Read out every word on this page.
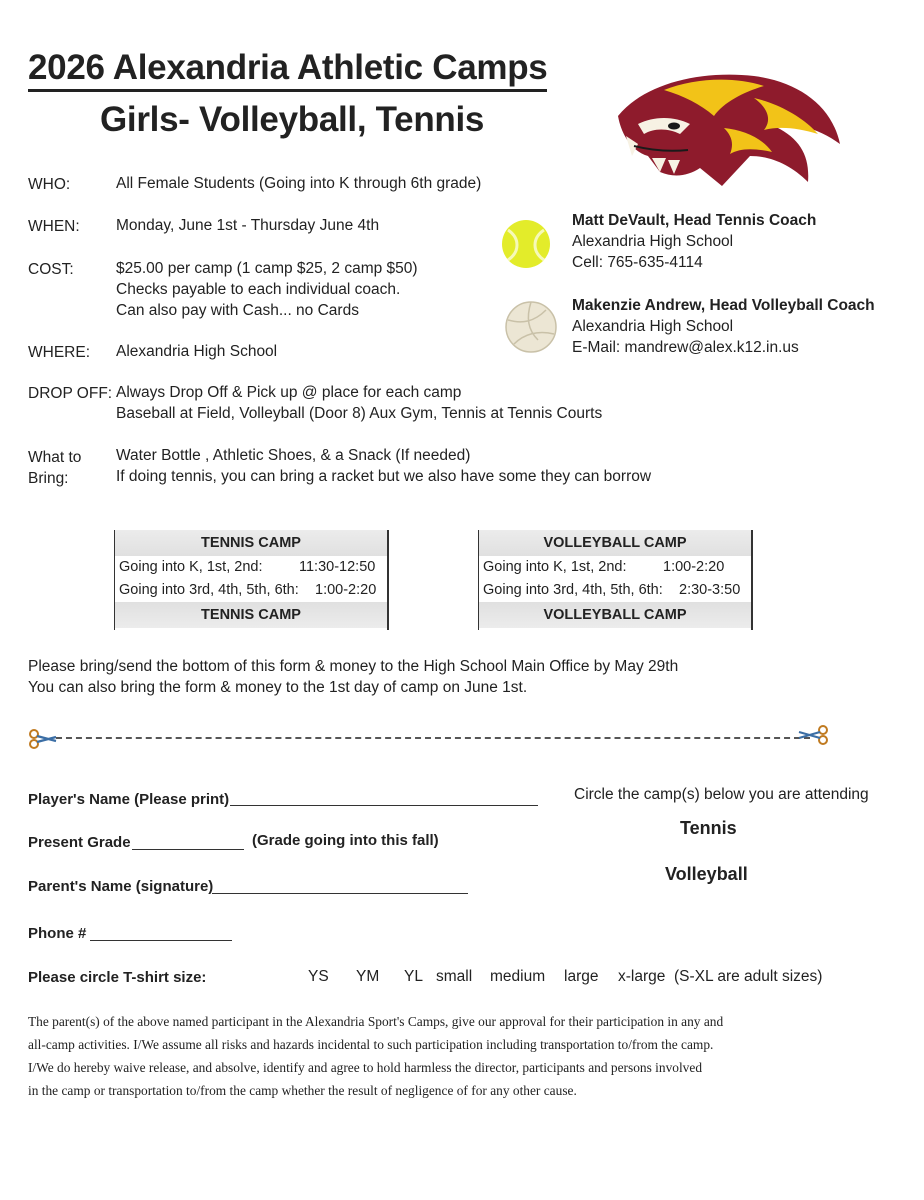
2026 Alexandria Athletic Camps
Girls- Volleyball, Tennis
WHO:	All Female Students (Going into K through 6th grade)
WHEN: Monday, June 1st - Thursday June 4th
COST:	$25.00 per camp (1 camp $25, 2 camp $50)
Checks payable to each individual coach.
Can also pay with Cash... no Cards
WHERE: Alexandria High School
DROP OFF: Always Drop Off & Pick up @ place for each camp
Baseball at Field, Volleyball (Door 8) Aux Gym, Tennis at Tennis Courts
What to
Bring:
Water Bottle , Athletic Shoes, & a Snack (If needed)
If doing tennis, you can bring a racket but we also have some they can borrow
Matt DeVault, Head Tennis Coach
Alexandria High School
Cell: 765-635-4114
Makenzie Andrew, Head Volleyball Coach
Alexandria High School
E-Mail: mandrew@alex.k12.in.us
TENNIS CAMP
Going into K, 1st, 2nd:	11:30-12:50
Going into 3rd, 4th, 5th, 6th: 1:00-2:20
TENNIS CAMP
VOLLEYBALL CAMP
Going into K, 1st, 2nd:	1:00-2:20
Going into 3rd, 4th, 5th, 6th: 2:30-3:50
VOLLEYBALL CAMP
Please bring/send the bottom of this form & money to the High School Main Office by May 29th
You can also bring the form & money to the 1st day of camp on June 1st.
Player's Name (Please print)
Present Grade	(Grade going into this fall)
Parent's Name (signature)
Phone #
Please circle T-shirt size:	YS YM YL small medium large x-large (S-XL are adult sizes)
Circle the camp(s) below you are attending
Tennis
Volleyball

The parent(s) of the above named participant in the Alexandria Sport's Camps, give our approval for their participation in any and

all-camp activities. I/We assume all risks and hazards incidental to such participation including transportation to/from the camp.

I/We do hereby waive release, and absolve, identify and agree to hold harmless the director, participants and persons involved

in the camp or transportation to/from the camp whether the result of negligence of for any other cause.
